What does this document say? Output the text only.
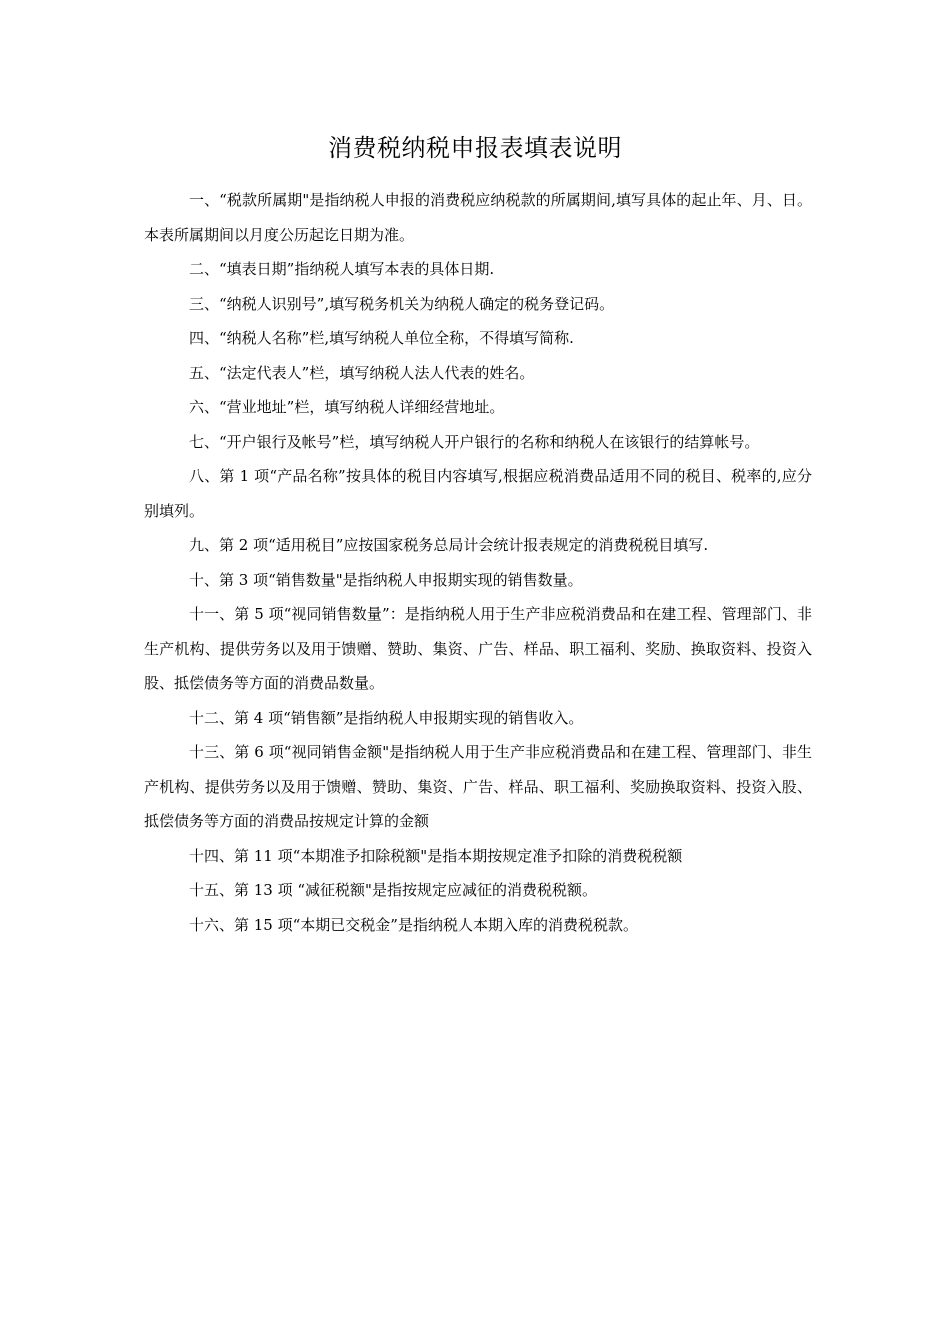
消费税纳税申报表填表说明

一、“税款所属期"是指纳税人申报的消费税应纳税款的所属期间,填写具体的起止年、月、日。本表所属期间以月度公历起讫日期为准。

二、“填表日期”指纳税人填写本表的具体日期.

三、“纳税人识别号”,填写税务机关为纳税人确定的税务登记码。

四、“纳税人名称”栏,填写纳税人单位全称，不得填写简称.

五、“法定代表人”栏，填写纳税人法人代表的姓名。

六、“营业地址”栏，填写纳税人详细经营地址。

七、“开户银行及帐号”栏，填写纳税人开户银行的名称和纳税人在该银行的结算帐号。

八、第 1 项“产品名称”按具体的税目内容填写,根据应税消费品适用不同的税目、税率的,应分别填列。

九、第 2 项“适用税目”应按国家税务总局计会统计报表规定的消费税税目填写.

十、第 3 项“销售数量"是指纳税人申报期实现的销售数量。

十一、第 5 项“视同销售数量”：是指纳税人用于生产非应税消费品和在建工程、管理部门、非生产机构、提供劳务以及用于馈赠、赞助、集资、广告、样品、职工福利、奖励、换取资料、投资入股、抵偿债务等方面的消费品数量。

十二、第 4 项“销售额”是指纳税人申报期实现的销售收入。

十三、第 6 项“视同销售金额"是指纳税人用于生产非应税消费品和在建工程、管理部门、非生产机构、提供劳务以及用于馈赠、赞助、集资、广告、样品、职工福利、奖励换取资料、投资入股、抵偿债务等方面的消费品按规定计算的金额

十四、第 11 项“本期准予扣除税额"是指本期按规定准予扣除的消费税税额

十五、第 13 项 “减征税额"是指按规定应减征的消费税税额。

十六、第 15 项“本期已交税金”是指纳税人本期入库的消费税税款。
